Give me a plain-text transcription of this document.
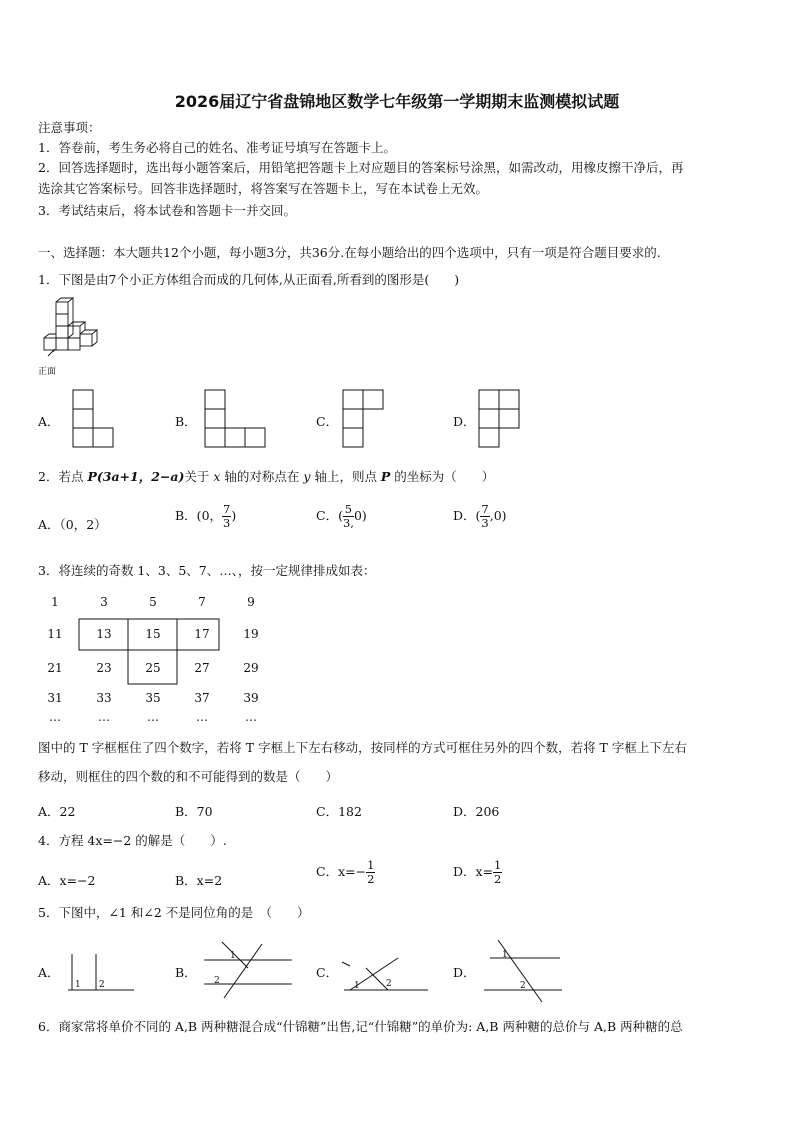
2026届辽宁省盘锦地区数学七年级第一学期期末监测模拟试题
注意事项：
1．答卷前，考生务必将自己的姓名、准考证号填写在答题卡上。
2．回答选择题时，选出每小题答案后，用铅笔把答题卡上对应题目的答案标号涂黑，如需改动，用橡皮擦干净后，再
选涂其它答案标号。回答非选择题时，将答案写在答题卡上，写在本试卷上无效。
3．考试结束后，将本试卷和答题卡一并交回。
一、选择题：本大题共12个小题，每小题3分，共36分.在每小题给出的四个选项中，只有一项是符合题目要求的.
1．下图是由7个小正方体组合而成的几何体,从正面看,所看到的图形是(　　)
正面
A．	B．	C．	D．
2．若点 P(3a+1，2−a)关于 x 轴的对称点在 y 轴上，则点 P 的坐标为（　　）
A．（0，2）
B．(0， $\frac{7}{3}$ )	C．( $\frac{5}{3,} 0$)	D．( $\frac{7}{3} ,0$)
3．将连续的奇数 1、3、5、7、…、，按一定规律排成如表：
1	3	5	7	9
11	13	15	17	19
21	23	25	27	29
31	33	35	37	39
…	…	…	…	…
图中的 T 字框框住了四个数字，若将 T 字框上下左右移动，按同样的方式可框住另外的四个数，若将 T 字框上下左右
移动，则框住的四个数的和不可能得到的数是（　　）
A．22	B．70	C．182	D．206
4．方程 4x=−2 的解是（　　）.
A．x=−2	B．x=2
C．$x=- \frac{1}{2}$	D．$x= \frac{1}{2}$
5．下图中，∠1 和∠2 不是同位角的是　（　　）
A．
1 2
B．
1
2
C．
1	2
D．
1
2
6．商家常将单价不同的 A,B 两种糖混合成“什锦糖”出售,记“什锦糖”的单价为: A,B 两种糖的总价与 A,B 两种糖的总
